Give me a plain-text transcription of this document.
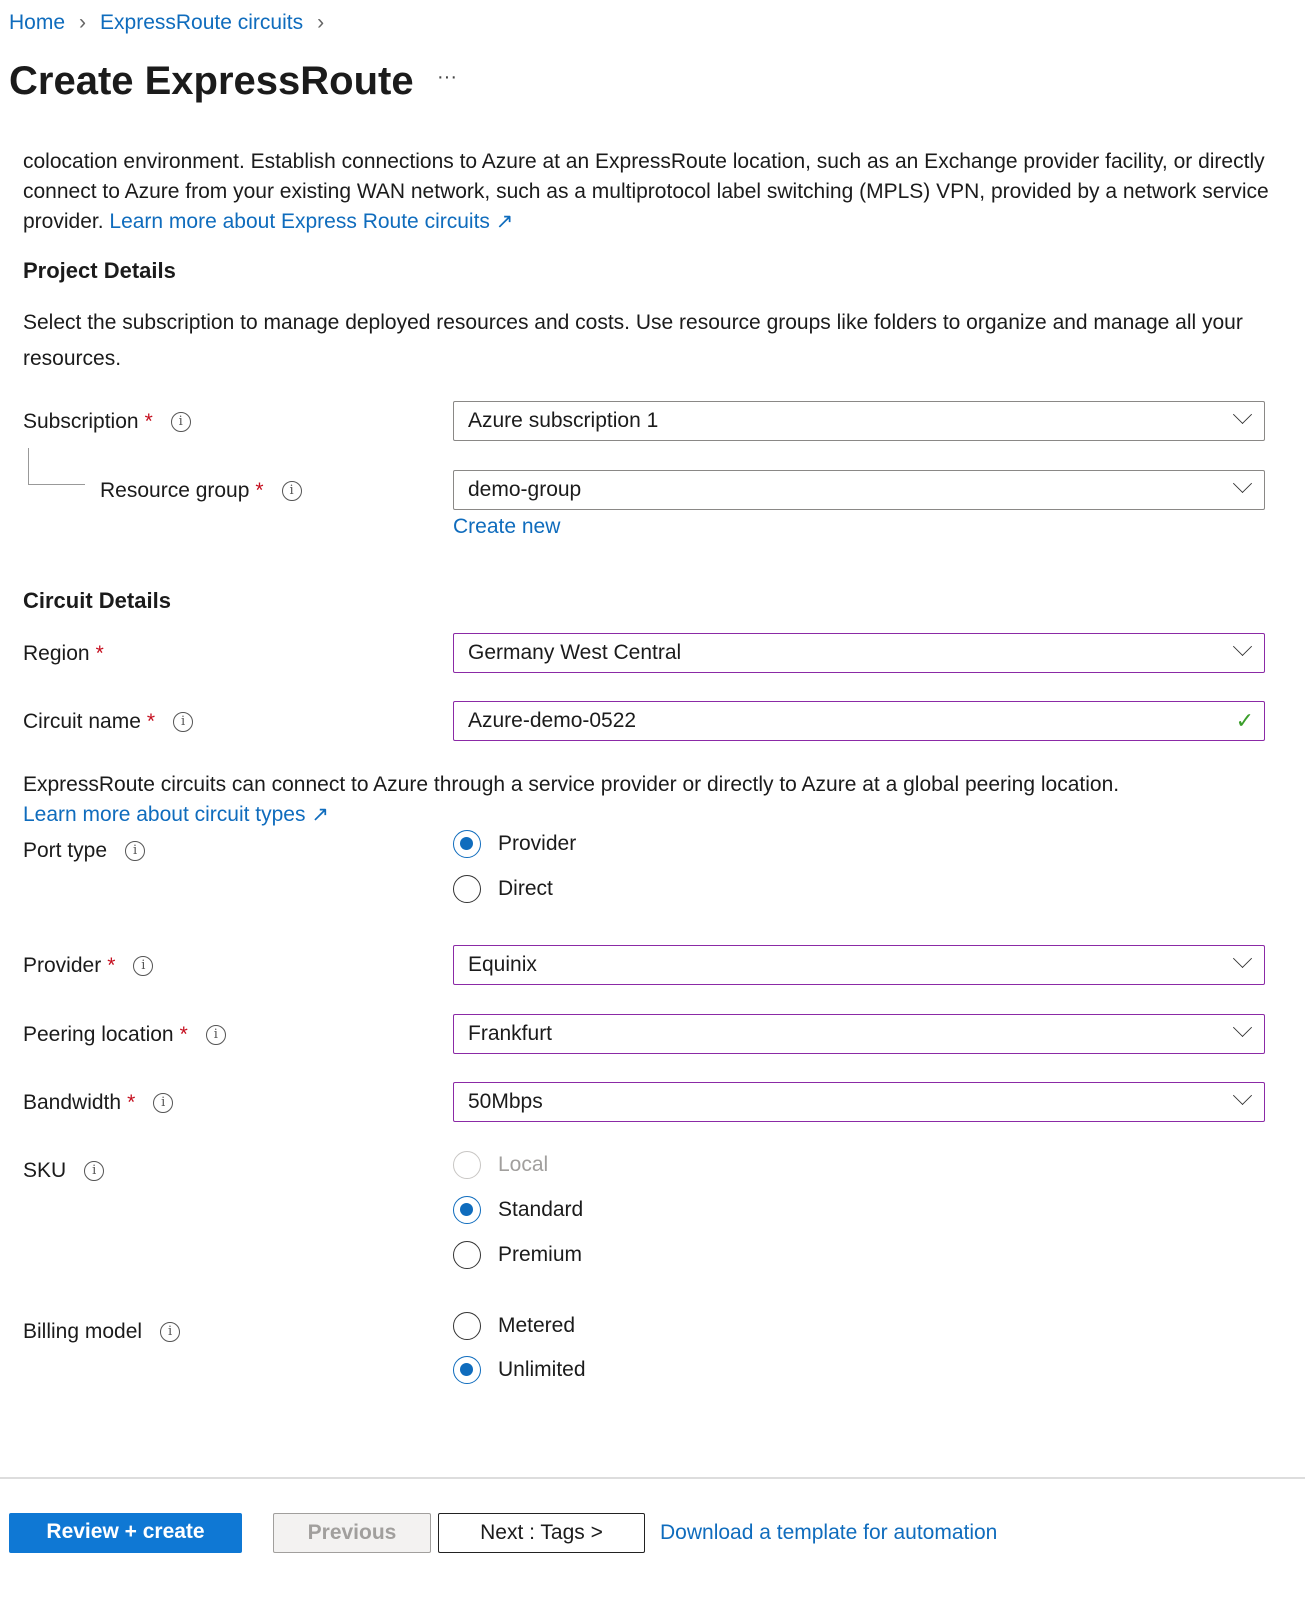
Home › ExpressRoute circuits ›
Create ExpressRoute ···
colocation environment. Establish connections to Azure at an ExpressRoute location, such as an Exchange provider facility, or directly connect to Azure from your existing WAN network, such as a multiprotocol label switching (MPLS) VPN, provided by a network service provider. Learn more about Express Route circuits ↗
Project Details
Select the subscription to manage deployed resources and costs. Use resource groups like folders to organize and manage all your resources.
Subscription *	i	Azure subscription 1
Resource group *	i	demo-group
Create new
Circuit Details
Region *	Germany West Central
Circuit name *	i	Azure-demo-0522	✓
ExpressRoute circuits can connect to Azure through a service provider or directly to Azure at a global peering location.
Learn more about circuit types ↗
Port type	i	Provider
Direct
Provider *	i	Equinix
Peering location *	i	Frankfurt
Bandwidth *	i	50Mbps
SKU	i	Local
Standard
Premium
Billing model	i	Metered
Unlimited
Review + create	Previous	Next : Tags >	Download a template for automation
